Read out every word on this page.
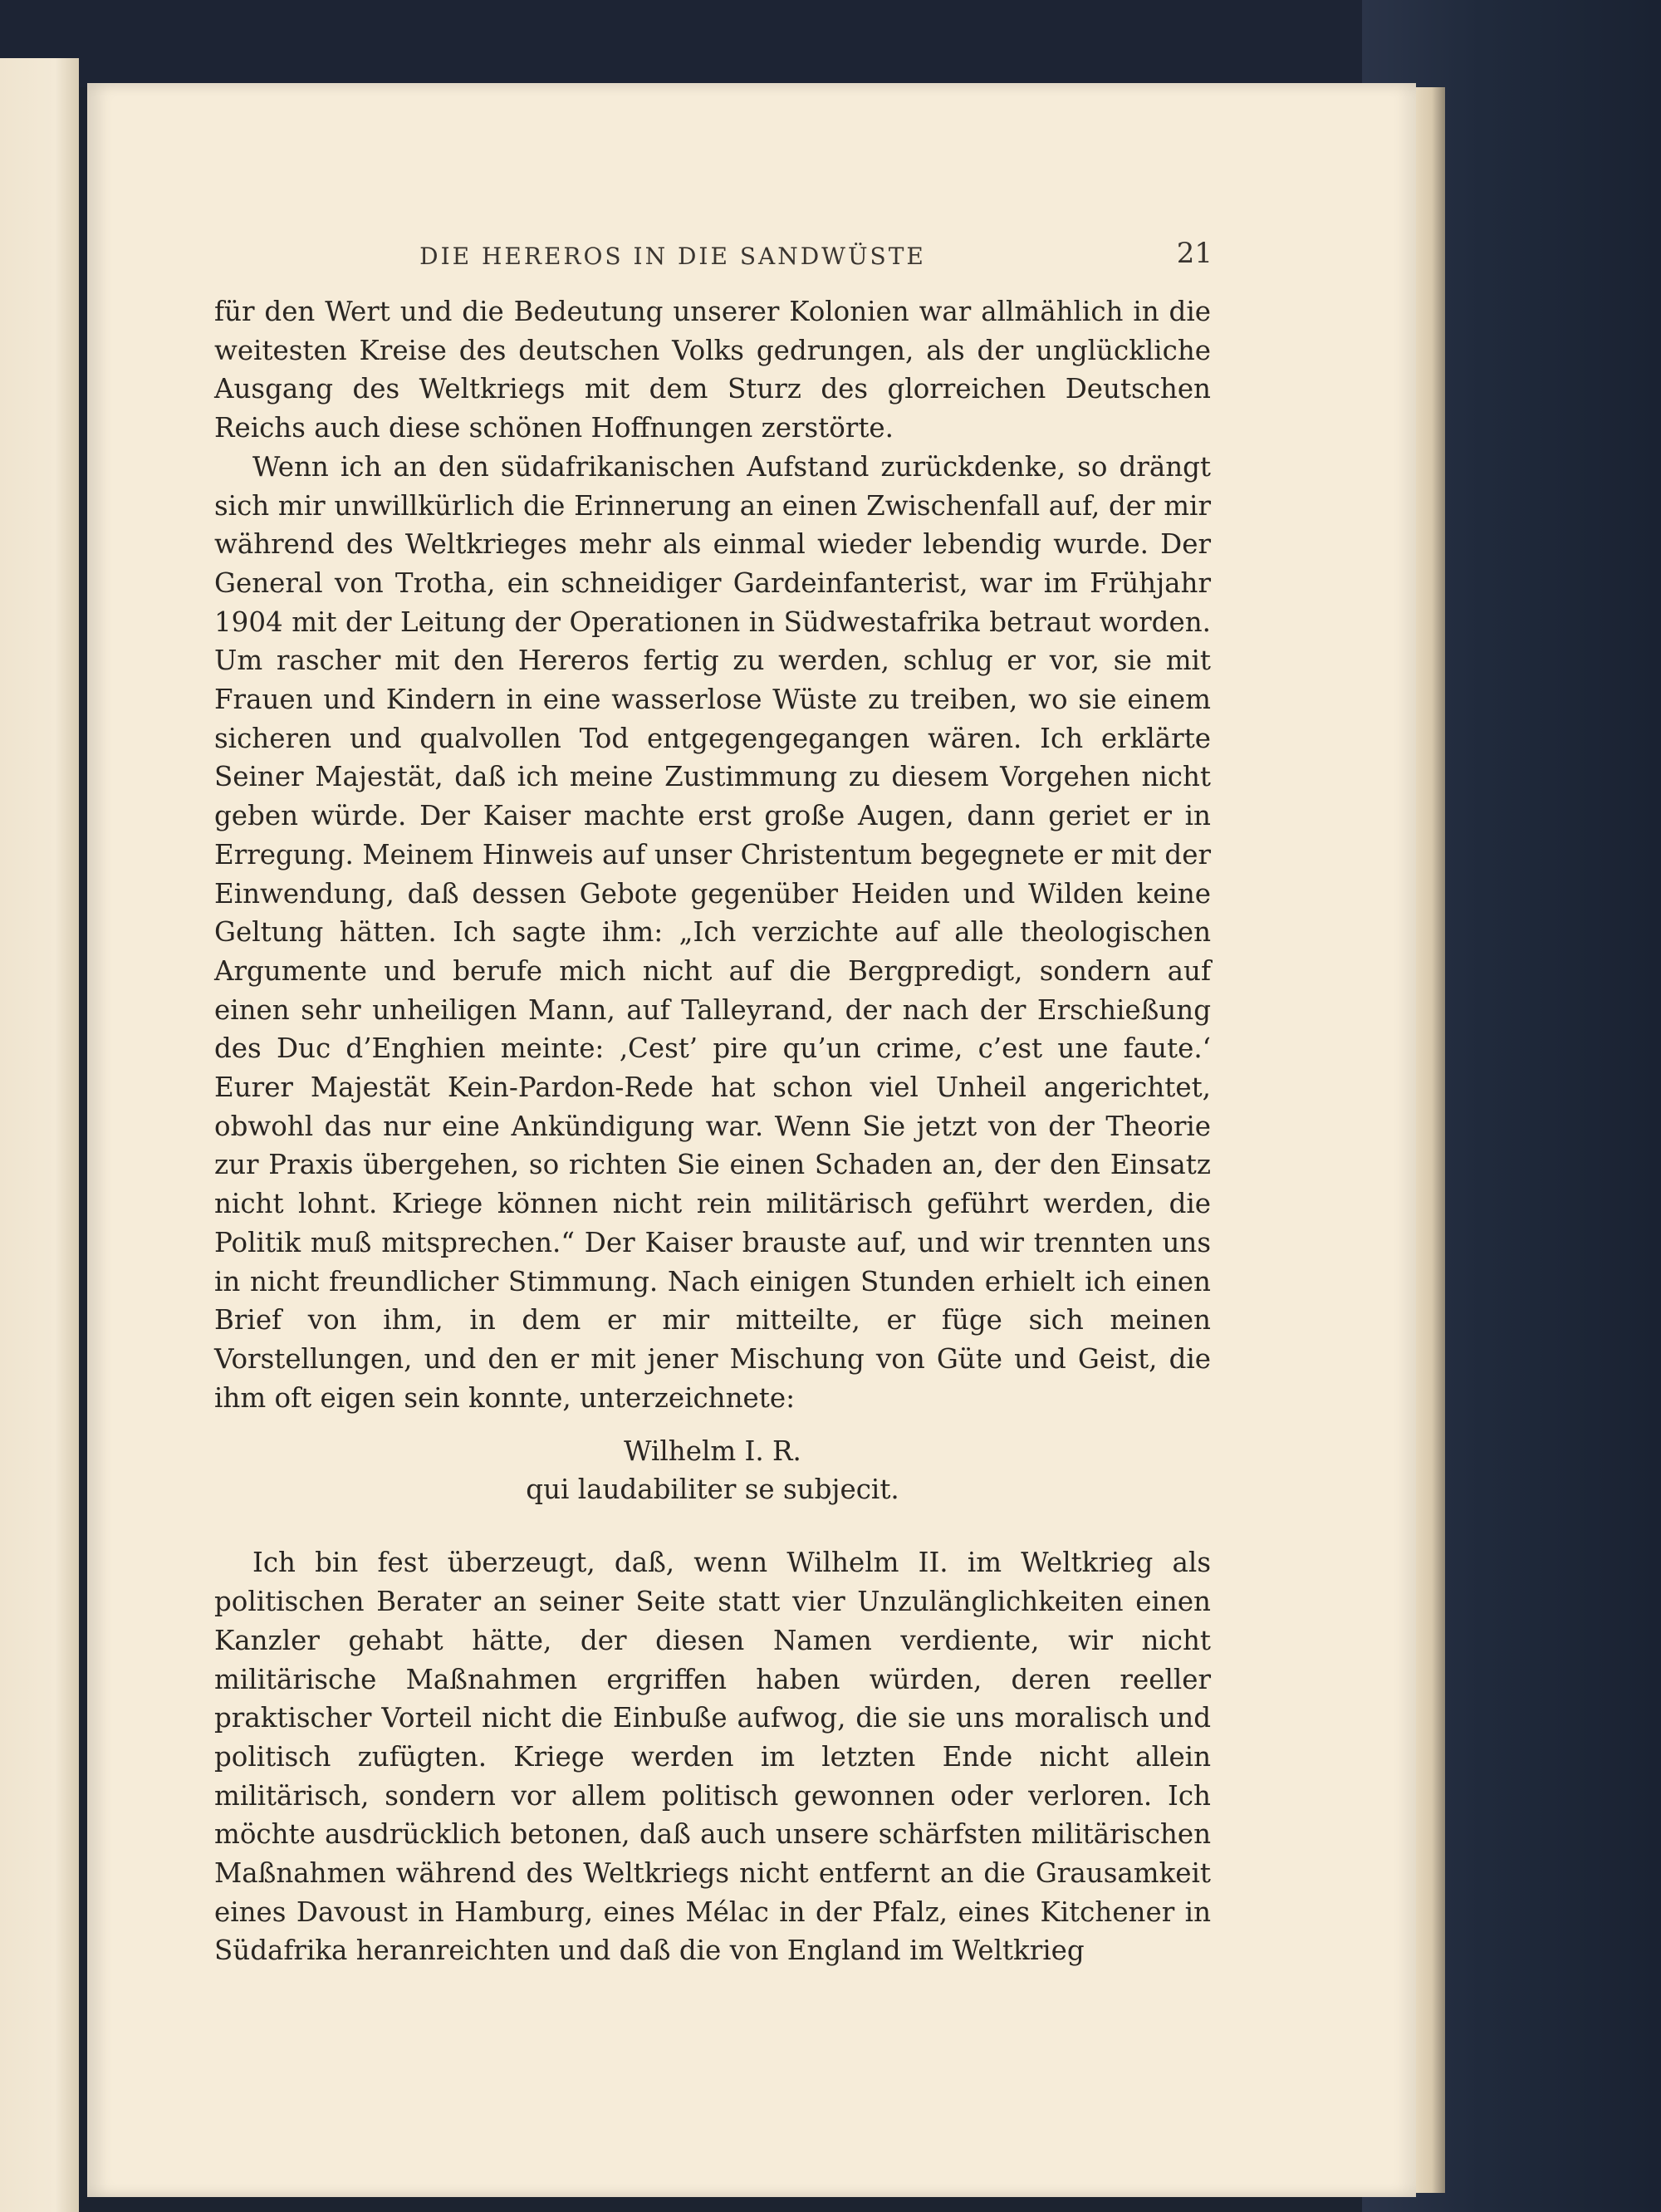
DIE HEREROS IN DIE SANDWÜSTE	21

für den Wert und die Bedeutung unserer Kolonien war allmählich in die weitesten Kreise des deutschen Volks gedrungen, als der unglückliche Ausgang des Weltkriegs mit dem Sturz des glorreichen Deutschen Reichs auch diese schönen Hoffnungen zerstörte.

Wenn ich an den südafrikanischen Aufstand zurückdenke, so drängt sich mir unwillkürlich die Erinnerung an einen Zwischenfall auf, der mir während des Weltkrieges mehr als einmal wieder lebendig wurde. Der General von Trotha, ein schneidiger Gardeinfanterist, war im Frühjahr 1904 mit der Leitung der Operationen in Südwestafrika betraut worden. Um rascher mit den Hereros fertig zu werden, schlug er vor, sie mit Frauen und Kindern in eine wasserlose Wüste zu treiben, wo sie einem sicheren und qualvollen Tod entgegengegangen wären. Ich erklärte Seiner Majestät, daß ich meine Zustimmung zu diesem Vorgehen nicht geben würde. Der Kaiser machte erst große Augen, dann geriet er in Erregung. Meinem Hinweis auf unser Christentum begegnete er mit der Einwendung, daß dessen Gebote gegenüber Heiden und Wilden keine Geltung hätten. Ich sagte ihm: „Ich verzichte auf alle theologischen Argumente und berufe mich nicht auf die Bergpredigt, sondern auf einen sehr unheiligen Mann, auf Talleyrand, der nach der Erschießung des Duc d’Enghien meinte: ‚Cest’ pire qu’un crime, c’est une faute.‘ Eurer Majestät Kein-Pardon-Rede hat schon viel Unheil angerichtet, obwohl das nur eine Ankündigung war. Wenn Sie jetzt von der Theorie zur Praxis übergehen, so richten Sie einen Schaden an, der den Einsatz nicht lohnt. Kriege können nicht rein militärisch geführt werden, die Politik muß mitsprechen.“ Der Kaiser brauste auf, und wir trennten uns in nicht freundlicher Stimmung. Nach einigen Stunden erhielt ich einen Brief von ihm, in dem er mir mitteilte, er füge sich meinen Vorstellungen, und den er mit jener Mischung von Güte und Geist, die ihm oft eigen sein konnte, unterzeichnete:

Wilhelm I. R.
qui laudabiliter se subjecit.

Ich bin fest überzeugt, daß, wenn Wilhelm II. im Weltkrieg als politischen Berater an seiner Seite statt vier Unzulänglichkeiten einen Kanzler gehabt hätte, der diesen Namen verdiente, wir nicht militärische Maßnahmen ergriffen haben würden, deren reeller praktischer Vorteil nicht die Einbuße aufwog, die sie uns moralisch und politisch zufügten. Kriege werden im letzten Ende nicht allein militärisch, sondern vor allem politisch gewonnen oder verloren. Ich möchte ausdrücklich betonen, daß auch unsere schärfsten militärischen Maßnahmen während des Weltkriegs nicht entfernt an die Grausamkeit eines Davoust in Hamburg, eines Mélac in der Pfalz, eines Kitchener in Südafrika heranreichten und daß die von England im Weltkrieg
